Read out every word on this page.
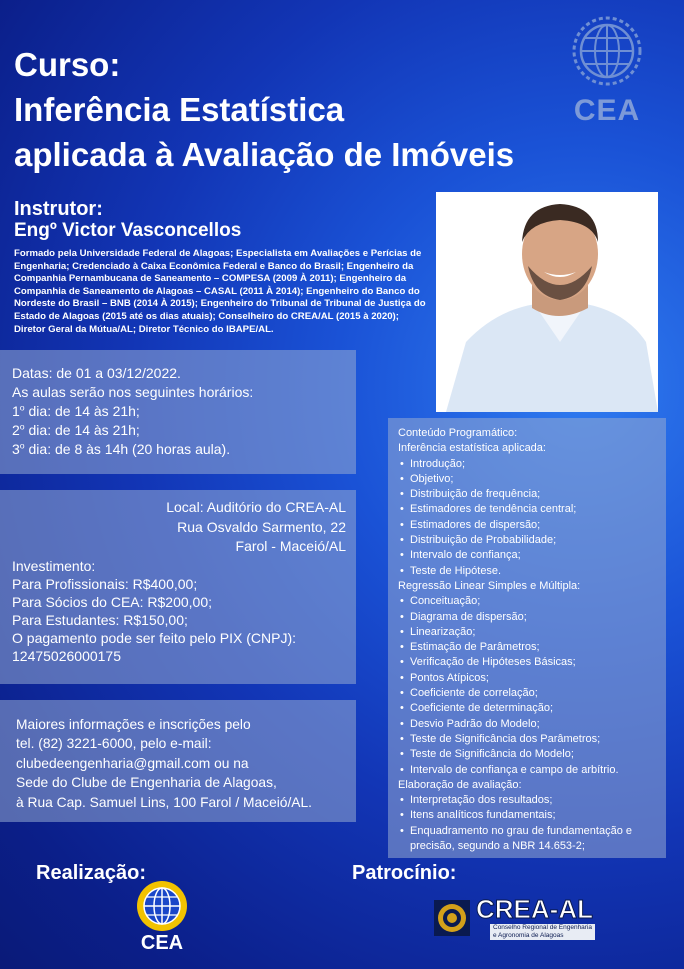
Curso:
Inferência Estatística
aplicada à Avaliação de Imóveis
CEA
Instrutor:
Engº Victor Vasconcellos
Formado pela Universidade Federal de Alagoas; Especialista em Avaliações e Perícias de Engenharia; Credenciado à Caixa Econômica Federal e Banco do Brasil; Engenheiro da Companhia Pernambucana de Saneamento – COMPESA (2009 À 2011); Engenheiro da Companhia de Saneamento de Alagoas – CASAL (2011 À 2014); Engenheiro do Banco do Nordeste do Brasil – BNB (2014 À 2015); Engenheiro do Tribunal de Tribunal de Justiça do Estado de Alagoas (2015 até os dias atuais); Conselheiro do CREA/AL (2015 à 2020); Diretor Geral da Mútua/AL; Diretor Técnico do IBAPE/AL.
Datas: de 01 a 03/12/2022.
As aulas serão nos seguintes horários:
1$^o$ dia: de 14 às 21h;
2$^o$ dia: de 14 às 21h;
3$^o$ dia: de 8 às 14h (20 horas aula).
Local: Auditório do CREA-AL
Rua Osvaldo Sarmento, 22
Farol - Maceió/AL
Investimento:
Para Profissionais: R$400,00;
Para Sócios do CEA: R$200,00;
Para Estudantes: R$150,00;
O pagamento pode ser feito pelo PIX (CNPJ):
12475026000175
Maiores informações e inscrições pelo
tel. (82) 3221-6000, pelo e-mail:
clubedeengenharia@gmail.com ou na
Sede do Clube de Engenharia de Alagoas,
à Rua Cap. Samuel Lins, 100 Farol / Maceió/AL.
Conteúdo Programático:
Inferência estatística aplicada:
• Introdução;
• Objetivo;
• Distribuição de frequência;
• Estimadores de tendência central;
• Estimadores de dispersão;
• Distribuição de Probabilidade;
• Intervalo de confiança;
• Teste de Hipótese.
Regressão Linear Simples e Múltipla:
• Conceituação;
• Diagrama de dispersão;
• Linearização;
• Estimação de Parâmetros;
• Verificação de Hipóteses Básicas;
• Pontos Atípicos;
• Coeficiente de correlação;
• Coeficiente de determinação;
• Desvio Padrão do Modelo;
• Teste de Significância dos Parâmetros;
• Teste de Significância do Modelo;
• Intervalo de confiança e campo de arbítrio.
Elaboração de avaliação:
• Interpretação dos resultados;
• Itens analíticos fundamentais;
• Enquadramento no grau de fundamentação e precisão, segundo a NBR 14.653-2;
Realização:	Patrocínio:
CEA
CREA-AL
Conselho Regional de Engenharia
e Agronomia de Alagoas
